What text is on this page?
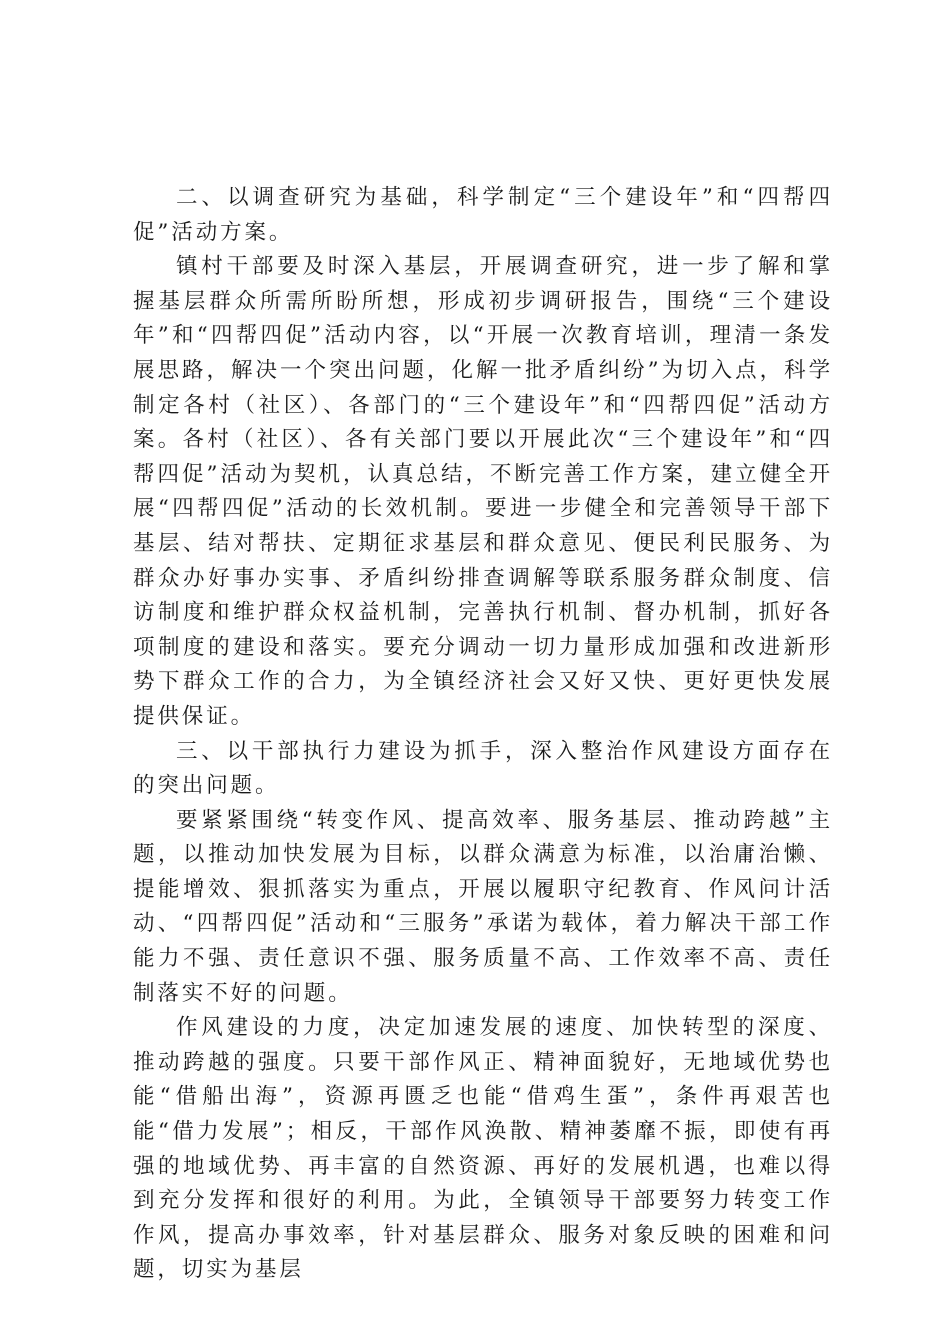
二、以调查研究为基础，科学制定“三个建设年”和“四帮四促”活动方案。

镇村干部要及时深入基层，开展调查研究，进一步了解和掌握基层群众所需所盼所想，形成初步调研报告，围绕“三个建设年”和“四帮四促”活动内容，以“开展一次教育培训，理清一条发展思路，解决一个突出问题，化解一批矛盾纠纷”为切入点，科学制定各村（社区）、各部门的“三个建设年”和“四帮四促”活动方案。各村（社区）、各有关部门要以开展此次“三个建设年”和“四帮四促”活动为契机，认真总结，不断完善工作方案，建立健全开展“四帮四促”活动的长效机制。要进一步健全和完善领导干部下基层、结对帮扶、定期征求基层和群众意见、便民利民服务、为群众办好事办实事、矛盾纠纷排查调解等联系服务群众制度、信访制度和维护群众权益机制，完善执行机制、督办机制，抓好各项制度的建设和落实。要充分调动一切力量形成加强和改进新形势下群众工作的合力，为全镇经济社会又好又快、更好更快发展提供保证。

三、以干部执行力建设为抓手，深入整治作风建设方面存在的突出问题。

要紧紧围绕“转变作风、提高效率、服务基层、推动跨越”主题，以推动加快发展为目标，以群众满意为标准，以治庸治懒、提能增效、狠抓落实为重点，开展以履职守纪教育、作风问计活动、“四帮四促”活动和“三服务”承诺为载体，着力解决干部工作能力不强、责任意识不强、服务质量不高、工作效率不高、责任制落实不好的问题。

作风建设的力度，决定加速发展的速度、加快转型的深度、推动跨越的强度。只要干部作风正、精神面貌好，无地域优势也能“借船出海”，资源再匮乏也能“借鸡生蛋”，条件再艰苦也能“借力发展”；相反，干部作风涣散、精神萎靡不振，即使有再强的地域优势、再丰富的自然资源、再好的发展机遇，也难以得到充分发挥和很好的利用。为此，全镇领导干部要努力转变工作作风，提高办事效率，针对基层群众、服务对象反映的困难和问题，切实为基层
